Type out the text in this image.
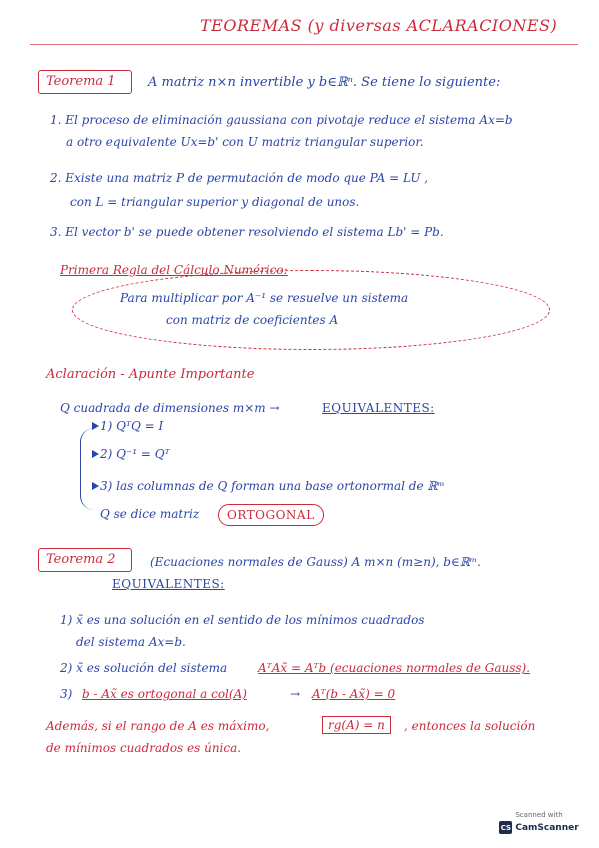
TEOREMAS (y diversas ACLARACIONES)
Teorema 1 A matriz n×n invertible y b∈ℝⁿ. Se tiene lo siguiente:
1. El proceso de eliminación gaussiana con pivotaje reduce el sistema Ax=b
a otro equivalente Ux=b' con U matriz triangular superior.
2. Existe una matriz P de permutación de modo que PA = LU ,
con L = triangular superior y diagonal de unos.
3. El vector b' se puede obtener resolviendo el sistema Lb' = Pb.
Primera Regla del Cálculo Numérico:
Para multiplicar por A⁻¹ se resuelve un sistema
con matriz de coeficientes A
Aclaración - Apunte Importante
Q cuadrada de dimensiones m×m →	EQUIVALENTES:
1) QᵀQ = I
2) Q⁻¹ = Qᵀ
3) las columnas de Q forman una base ortonormal de ℝᵐ
Q se dice matriz	ORTOGONAL
Teorema 2	(Ecuaciones normales de Gauss) A m×n (m≥n), b∈ℝᵐ.
EQUIVALENTES:
1) x̃ es una solución en el sentido de los mínimos cuadrados
del sistema Ax=b.
2) x̃ es solución del sistema	AᵀAx̃ = Aᵀb (ecuaciones normales de Gauss).
3) b - Ax̃ es ortogonal a col(A)	→ Aᵀ(b - Ax̃) = 0
Además, si el rango de A es máximo,	rg(A) = n	, entonces la solución
de mínimos cuadrados es única.
Scanned with
CS CamScanner
